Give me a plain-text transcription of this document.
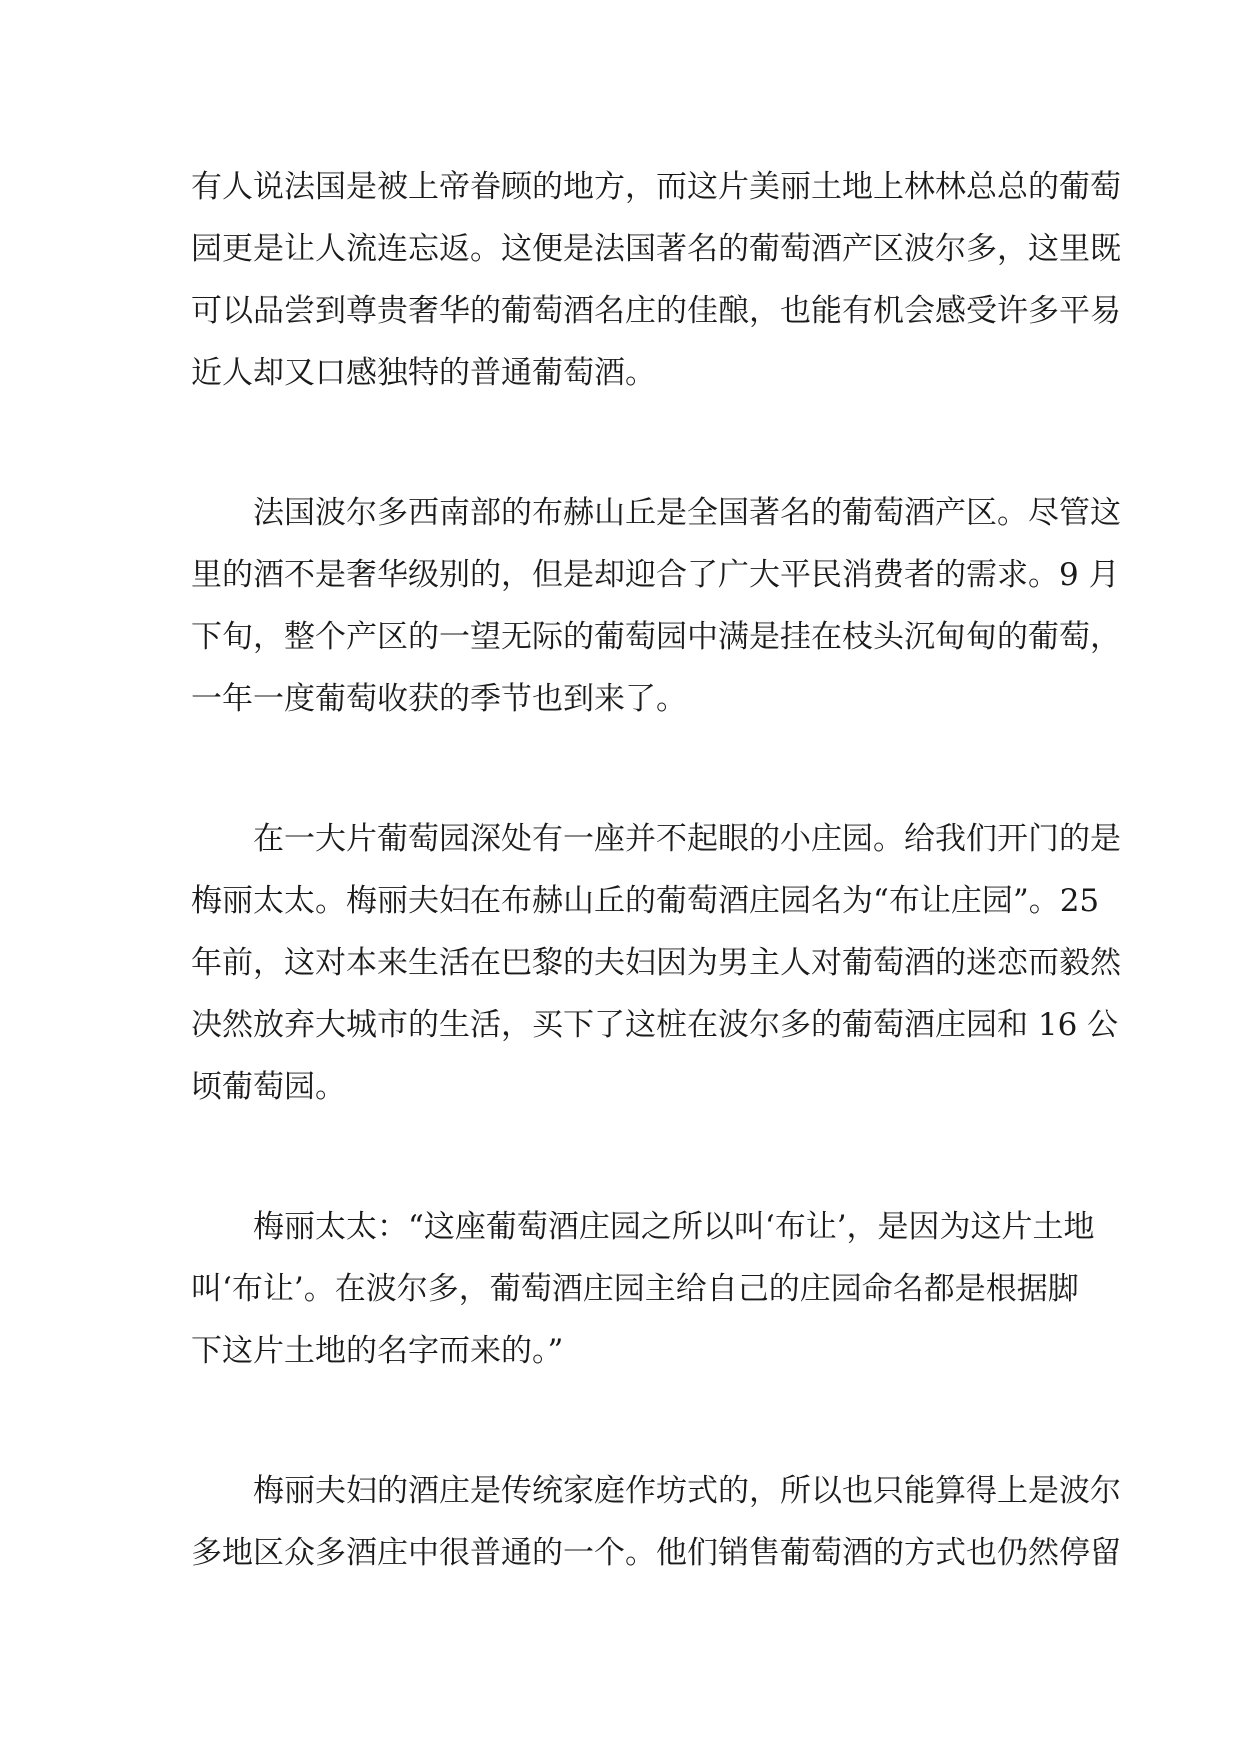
有人说法国是被上帝眷顾的地方，而这片美丽土地上林林总总的葡萄
园更是让人流连忘返。这便是法国著名的葡萄酒产区波尔多，这里既
可以品尝到尊贵奢华的葡萄酒名庄的佳酿，也能有机会感受许多平易
近人却又口感独特的普通葡萄酒。

法国波尔多西南部的布赫山丘是全国著名的葡萄酒产区。尽管这
里的酒不是奢华级别的，但是却迎合了广大平民消费者的需求。9 月
下旬，整个产区的一望无际的葡萄园中满是挂在枝头沉甸甸的葡萄，
一年一度葡萄收获的季节也到来了。

在一大片葡萄园深处有一座并不起眼的小庄园。给我们开门的是
梅丽太太。梅丽夫妇在布赫山丘的葡萄酒庄园名为“布让庄园”。25
年前，这对本来生活在巴黎的夫妇因为男主人对葡萄酒的迷恋而毅然
决然放弃大城市的生活，买下了这桩在波尔多的葡萄酒庄园和 16 公
顷葡萄园。

梅丽太太：“这座葡萄酒庄园之所以叫‘布让’，是因为这片土地
叫‘布让’。在波尔多，葡萄酒庄园主给自己的庄园命名都是根据脚
下这片土地的名字而来的。”

梅丽夫妇的酒庄是传统家庭作坊式的，所以也只能算得上是波尔
多地区众多酒庄中很普通的一个。他们销售葡萄酒的方式也仍然停留
